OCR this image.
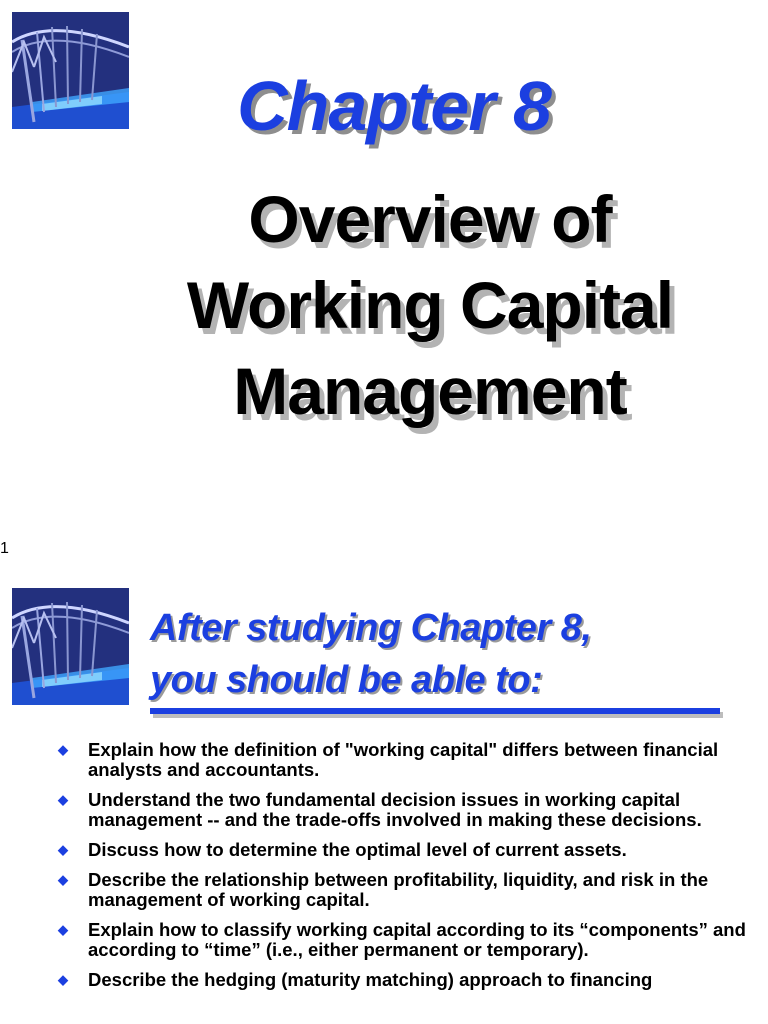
Chapter 8
Overview of
Working Capital
Management
1
After studying Chapter 8,
you should be able to:
◆ Explain how the definition of "working capital" differs between financial analysts and accountants.
◆ Understand the two fundamental decision issues in working capital management -- and the trade-offs involved in making these decisions.
◆ Discuss how to determine the optimal level of current assets.
◆ Describe the relationship between profitability, liquidity, and risk in the management of working capital.
◆ Explain how to classify working capital according to its “components” and according to “time” (i.e., either permanent or temporary).
◆ Describe the hedging (maturity matching) approach to financing
